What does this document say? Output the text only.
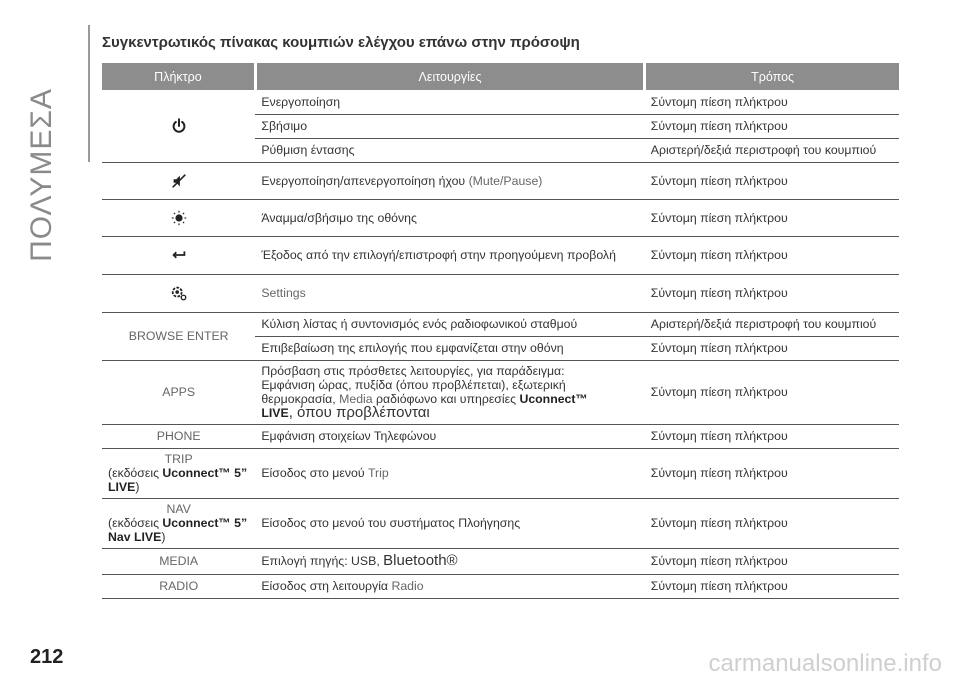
ΠΟΛΥΜΕΣΑ
Συγκεντρωτικός πίνακας κουμπιών ελέγχου επάνω στην πρόσοψη
Πλήκτρο	Λειτουργίες	Τρόπος
	Ενεργοποίηση	Σύντομη πίεση πλήκτρου
	Σβήσιμο	Σύντομη πίεση πλήκτρου
	Ρύθμιση έντασης	Αριστερή/δεξιά περιστροφή του κουμπιού
	Ενεργοποίηση/απενεργοποίηση ήχου (Mute/Pause)	Σύντομη πίεση πλήκτρου
	Άναμμα/σβήσιμο της οθόνης	Σύντομη πίεση πλήκτρου
	Έξοδος από την επιλογή/επιστροφή στην προηγούμενη προβολή	Σύντομη πίεση πλήκτρου
	Settings	Σύντομη πίεση πλήκτρου
BROWSE ENTER	Κύλιση λίστας ή συντονισμός ενός ραδιοφωνικού σταθμού	Αριστερή/δεξιά περιστροφή του κουμπιού
	Επιβεβαίωση της επιλογής που εμφανίζεται στην οθόνη	Σύντομη πίεση πλήκτρου
APPS	Πρόσβαση στις πρόσθετες λειτουργίες, για παράδειγμα:
Εμφάνιση ώρας, πυξίδα (όπου προβλέπεται), εξωτερική
θερμοκρασία, Media ραδιόφωνο και υπηρεσίες Uconnect™
LIVE, όπου προβλέπονται	Σύντομη πίεση πλήκτρου
PHONE	Εμφάνιση στοιχείων Τηλεφώνου	Σύντομη πίεση πλήκτρου
TRIP

(εκδόσεις Uconnect™ 5”
LIVE)	Είσοδος στο μενού Trip	Σύντομη πίεση πλήκτρου
NAV

(εκδόσεις Uconnect™ 5”
Nav LIVE)	Είσοδος στο μενού του συστήματος Πλοήγησης	Σύντομη πίεση πλήκτρου
MEDIA	Επιλογή πηγής: USB, Bluetooth®	Σύντομη πίεση πλήκτρου
RADIO	Είσοδος στη λειτουργία Radio	Σύντομη πίεση πλήκτρου
212	carmanualsonline.info
